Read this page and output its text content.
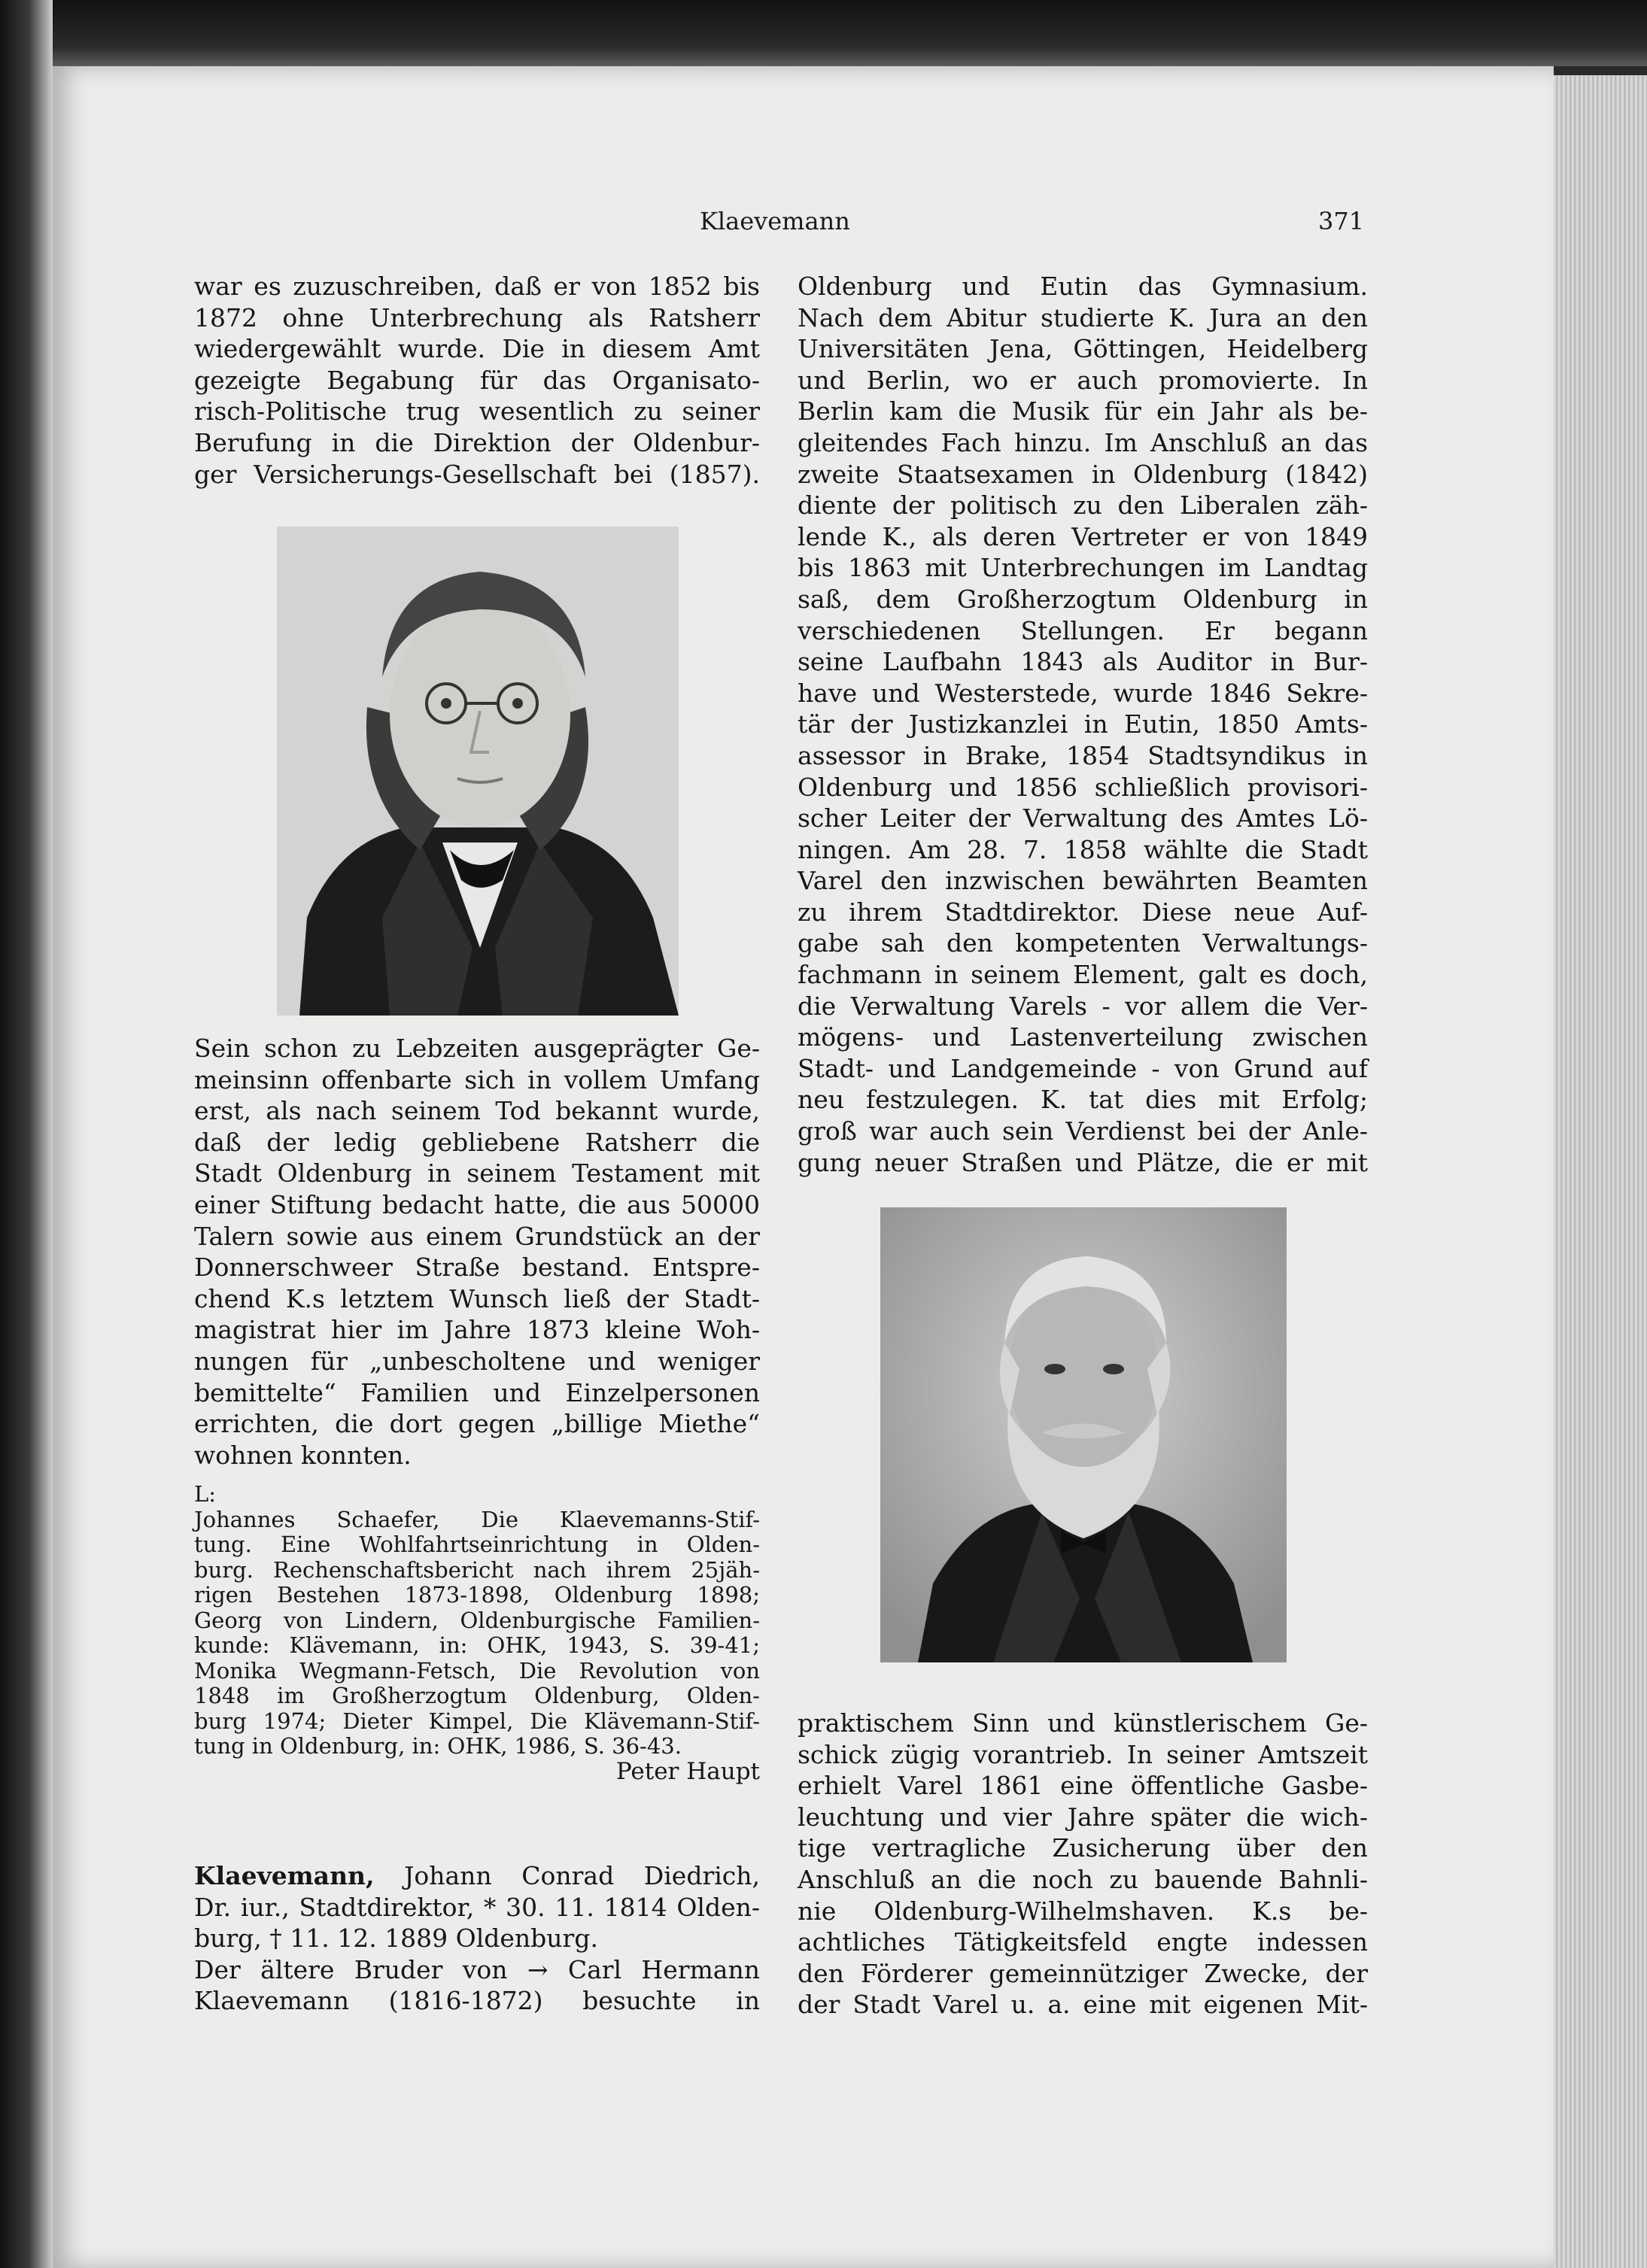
Klaevemann	371

war es zuzuschreiben, daß er von 1852 bis

1872 ohne Unterbrechung als Ratsherr

wiedergewählt wurde. Die in diesem Amt

gezeigte Begabung für das Organisato-

risch-Politische trug wesentlich zu seiner

Berufung in die Direktion der Oldenbur-

ger Versicherungs-Gesellschaft bei (1857).

Sein schon zu Lebzeiten ausgeprägter Ge-

meinsinn offenbarte sich in vollem Umfang

erst, als nach seinem Tod bekannt wurde,

daß der ledig gebliebene Ratsherr die

Stadt Oldenburg in seinem Testament mit

einer Stiftung bedacht hatte, die aus 50000

Talern sowie aus einem Grundstück an der

Donnerschweer Straße bestand. Entspre-

chend K.s letztem Wunsch ließ der Stadt-

magistrat hier im Jahre 1873 kleine Woh-

nungen für „unbescholtene und weniger

bemittelte“ Familien und Einzelpersonen

errichten, die dort gegen „billige Miethe“

wohnen konnten.

L:

Johannes Schaefer, Die Klaevemanns-Stif-

tung. Eine Wohlfahrtseinrichtung in Olden-

burg. Rechenschaftsbericht nach ihrem 25jäh-

rigen Bestehen 1873-1898, Oldenburg 1898;

Georg von Lindern, Oldenburgische Familien-

kunde: Klävemann, in: OHK, 1943, S. 39-41;

Monika Wegmann-Fetsch, Die Revolution von

1848 im Großherzogtum Oldenburg, Olden-

burg 1974; Dieter Kimpel, Die Klävemann-Stif-

tung in Oldenburg, in: OHK, 1986, S. 36-43.

Peter Haupt

Klaevemann, Johann Conrad Diedrich,

Dr. iur., Stadtdirektor, * 30. 11. 1814 Olden-

burg, † 11. 12. 1889 Oldenburg.

Der ältere Bruder von → Carl Hermann

Klaevemann (1816-1872) besuchte in

Oldenburg und Eutin das Gymnasium.

Nach dem Abitur studierte K. Jura an den

Universitäten Jena, Göttingen, Heidelberg

und Berlin, wo er auch promovierte. In

Berlin kam die Musik für ein Jahr als be-

gleitendes Fach hinzu. Im Anschluß an das

zweite Staatsexamen in Oldenburg (1842)

diente der politisch zu den Liberalen zäh-

lende K., als deren Vertreter er von 1849

bis 1863 mit Unterbrechungen im Landtag

saß, dem Großherzogtum Oldenburg in

verschiedenen Stellungen. Er begann

seine Laufbahn 1843 als Auditor in Bur-

have und Westerstede, wurde 1846 Sekre-

tär der Justizkanzlei in Eutin, 1850 Amts-

assessor in Brake, 1854 Stadtsyndikus in

Oldenburg und 1856 schließlich provisori-

scher Leiter der Verwaltung des Amtes Lö-

ningen. Am 28. 7. 1858 wählte die Stadt

Varel den inzwischen bewährten Beamten

zu ihrem Stadtdirektor. Diese neue Auf-

gabe sah den kompetenten Verwaltungs-

fachmann in seinem Element, galt es doch,

die Verwaltung Varels - vor allem die Ver-

mögens- und Lastenverteilung zwischen

Stadt- und Landgemeinde - von Grund auf

neu festzulegen. K. tat dies mit Erfolg;

groß war auch sein Verdienst bei der Anle-

gung neuer Straßen und Plätze, die er mit

praktischem Sinn und künstlerischem Ge-

schick zügig vorantrieb. In seiner Amtszeit

erhielt Varel 1861 eine öffentliche Gasbe-

leuchtung und vier Jahre später die wich-

tige vertragliche Zusicherung über den

Anschluß an die noch zu bauende Bahnli-

nie Oldenburg-Wilhelmshaven. K.s be-

achtliches Tätigkeitsfeld engte indessen

den Förderer gemeinnütziger Zwecke, der

der Stadt Varel u. a. eine mit eigenen Mit-
